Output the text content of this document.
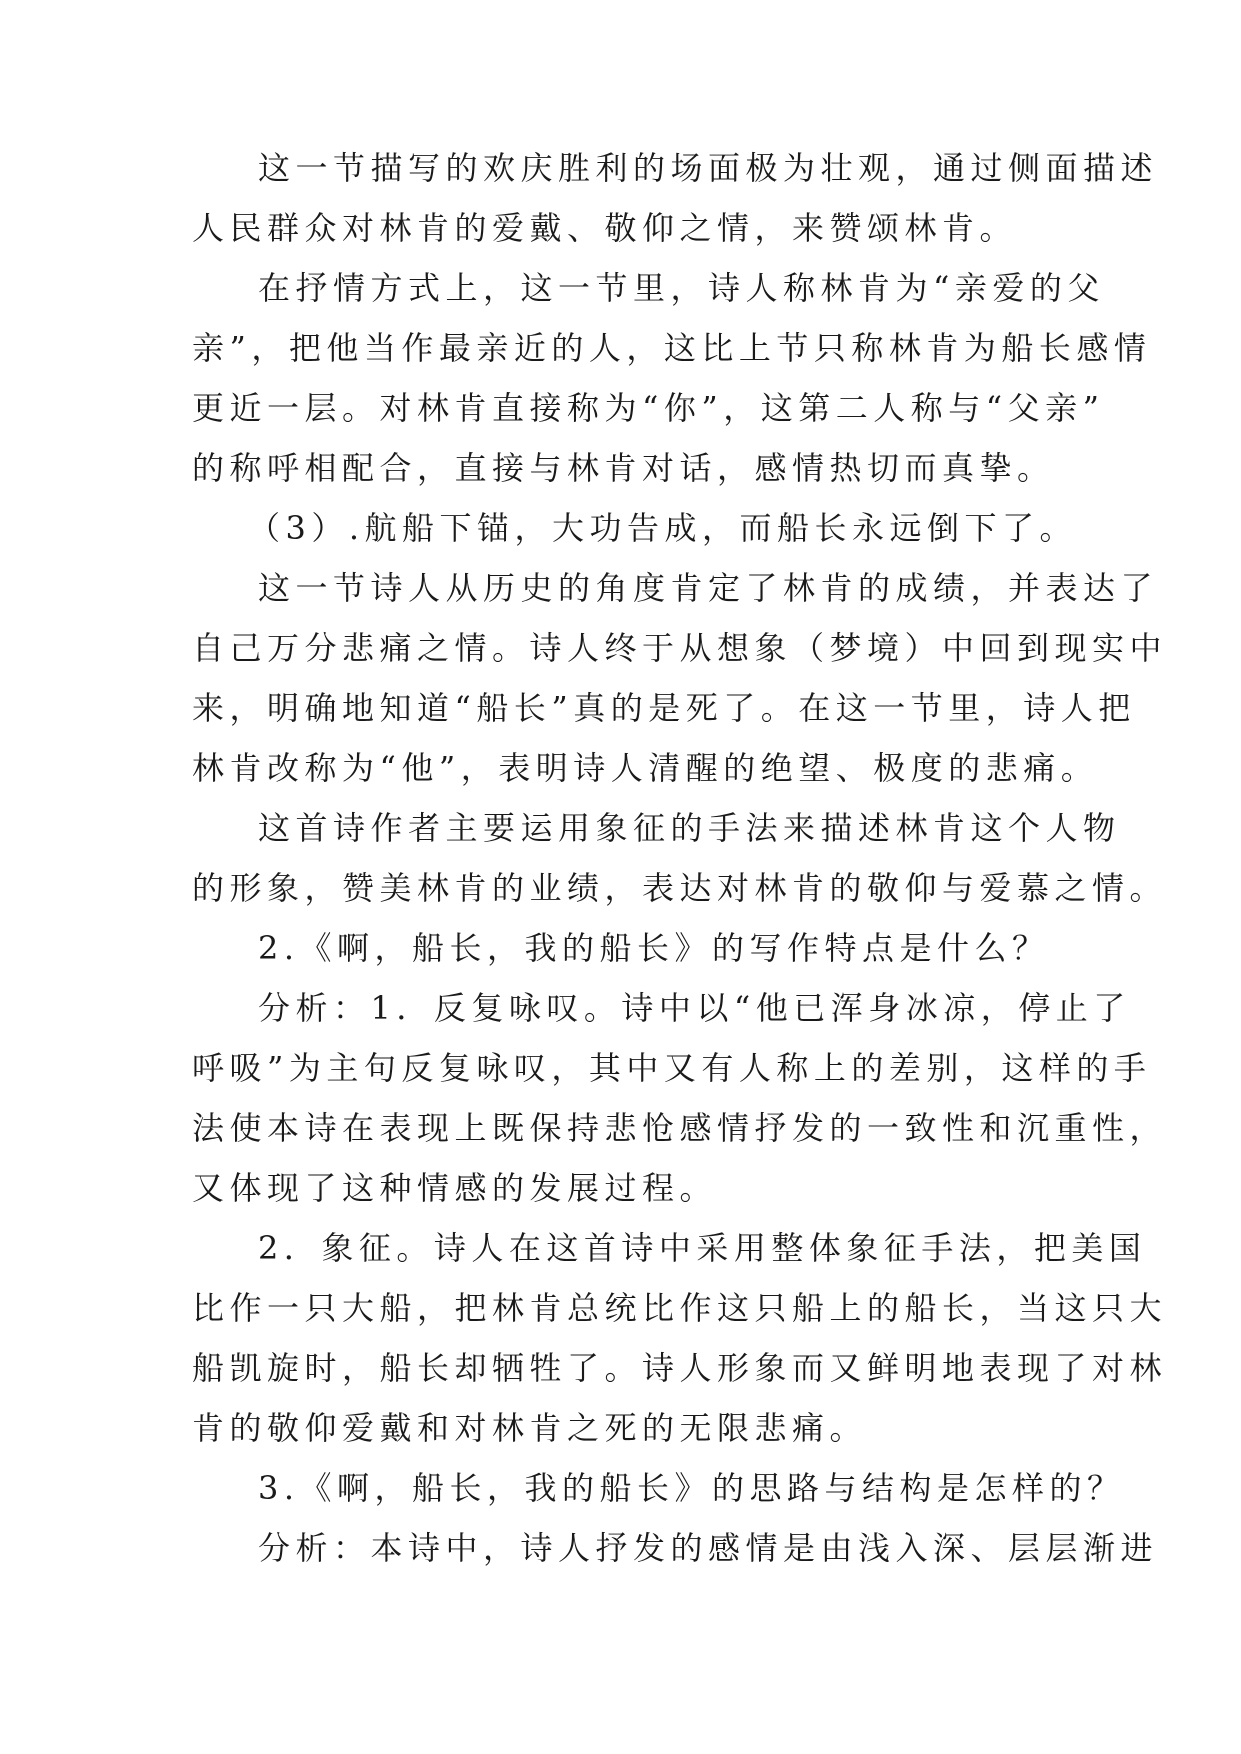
这一节描写的欢庆胜利的场面极为壮观，通过侧面描述

人民群众对林肯的爱戴、敬仰之情，来赞颂林肯。

在抒情方式上，这一节里，诗人称林肯为“亲爱的父

亲”，把他当作最亲近的人，这比上节只称林肯为船长感情

更近一层。对林肯直接称为“你”，这第二人称与“父亲”

的称呼相配合，直接与林肯对话，感情热切而真挚。

（3）.航船下锚，大功告成，而船长永远倒下了。

这一节诗人从历史的角度肯定了林肯的成绩，并表达了

自己万分悲痛之情。诗人终于从想象（梦境）中回到现实中

来，明确地知道“船长”真的是死了。在这一节里，诗人把

林肯改称为“他”，表明诗人清醒的绝望、极度的悲痛。

这首诗作者主要运用象征的手法来描述林肯这个人物

的形象，赞美林肯的业绩，表达对林肯的敬仰与爱慕之情。

2.《啊，船长，我的船长》的写作特点是什么？

分析：1．反复咏叹。诗中以“他已浑身冰凉，停止了

呼吸”为主句反复咏叹，其中又有人称上的差别，这样的手

法使本诗在表现上既保持悲怆感情抒发的一致性和沉重性，

又体现了这种情感的发展过程。

2．象征。诗人在这首诗中采用整体象征手法，把美国

比作一只大船，把林肯总统比作这只船上的船长，当这只大

船凯旋时，船长却牺牲了。诗人形象而又鲜明地表现了对林

肯的敬仰爱戴和对林肯之死的无限悲痛。

3.《啊，船长，我的船长》的思路与结构是怎样的？

分析：本诗中，诗人抒发的感情是由浅入深、层层渐进
